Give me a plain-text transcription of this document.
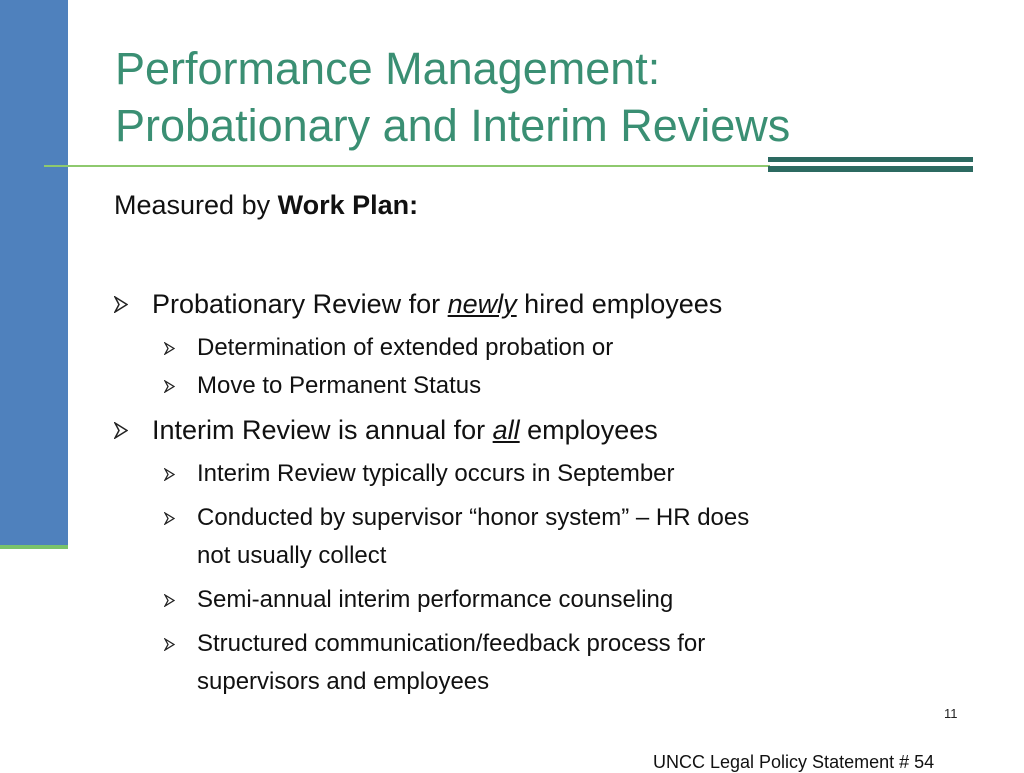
Performance Management:
Probationary and Interim Reviews

Measured by Work Plan:

Probationary Review for newly hired employees
Determination of extended probation or
Move to Permanent Status
Interim Review is annual for all employees
Interim Review typically occurs in September
Conducted by supervisor “honor system” – HR does
not usually collect
Semi-annual interim performance counseling
Structured communication/feedback process for
supervisors and employees
11
UNCC Legal Policy Statement # 54
